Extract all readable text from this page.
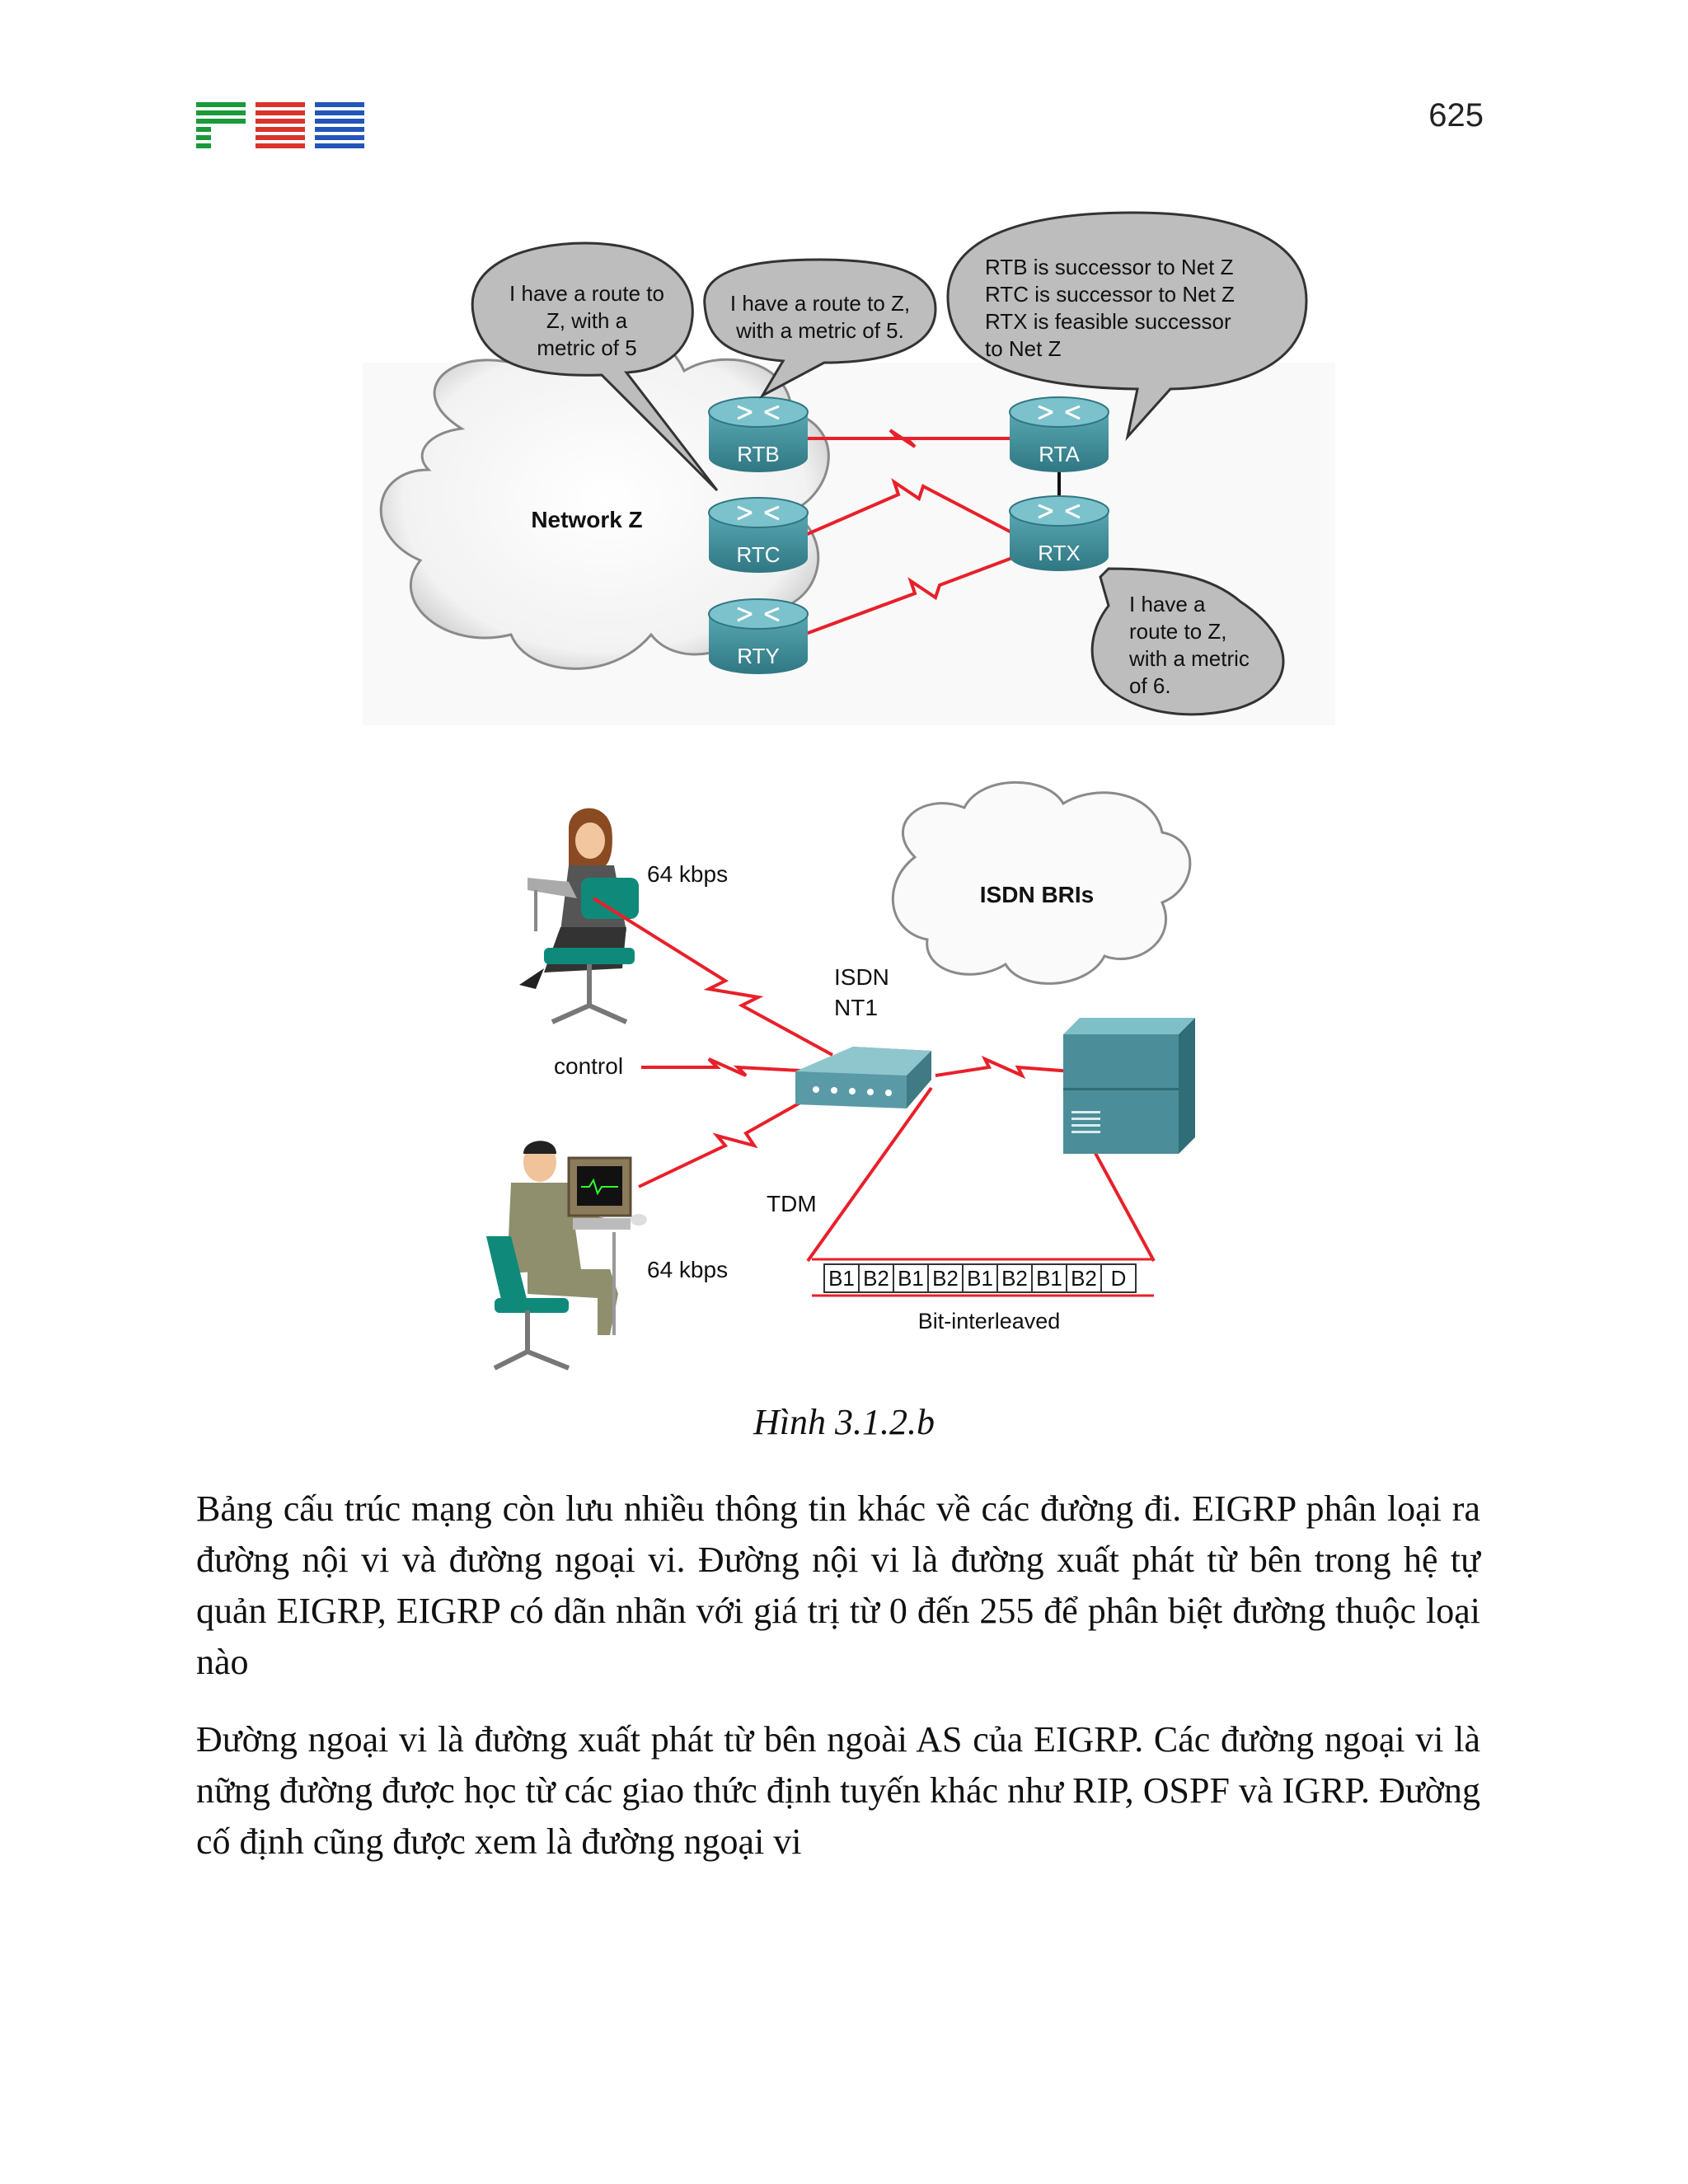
625
Network Z
RTB
RTC
RTY
RTA
RTX
I have a route to
Z, with a
metric of 5
I have a route to Z,
with a metric of 5.
RTB is successor to Net Z
RTC is successor to Net Z
RTX is feasible successor
to Net Z
I have a
route to Z,
with a metric
of 6.
ISDN BRIs
64 kbps
64 kbps
ISDN
NT1
control
TDM
B1 B2 B1 B2 B1 B2 B1 B2 D
Bit-interleaved
Hình 3.1.2.b

Bảng cấu trúc mạng còn lưu nhiều thông tin khác về các đường đi. EIGRP phân loại ra đường nội vi và đường ngoại vi. Đường nội vi là đường xuất phát từ bên trong hệ tự quản EIGRP, EIGRP có dãn nhãn với giá trị từ 0 đến 255 để phân biệt đường thuộc loại nào

Đường ngoại vi là đường xuất phát từ bên ngoài AS của EIGRP. Các đường ngoại vi là nững đường được học từ các giao thức định tuyến khác như RIP, OSPF và IGRP. Đường cố định cũng được xem là đường ngoại vi
